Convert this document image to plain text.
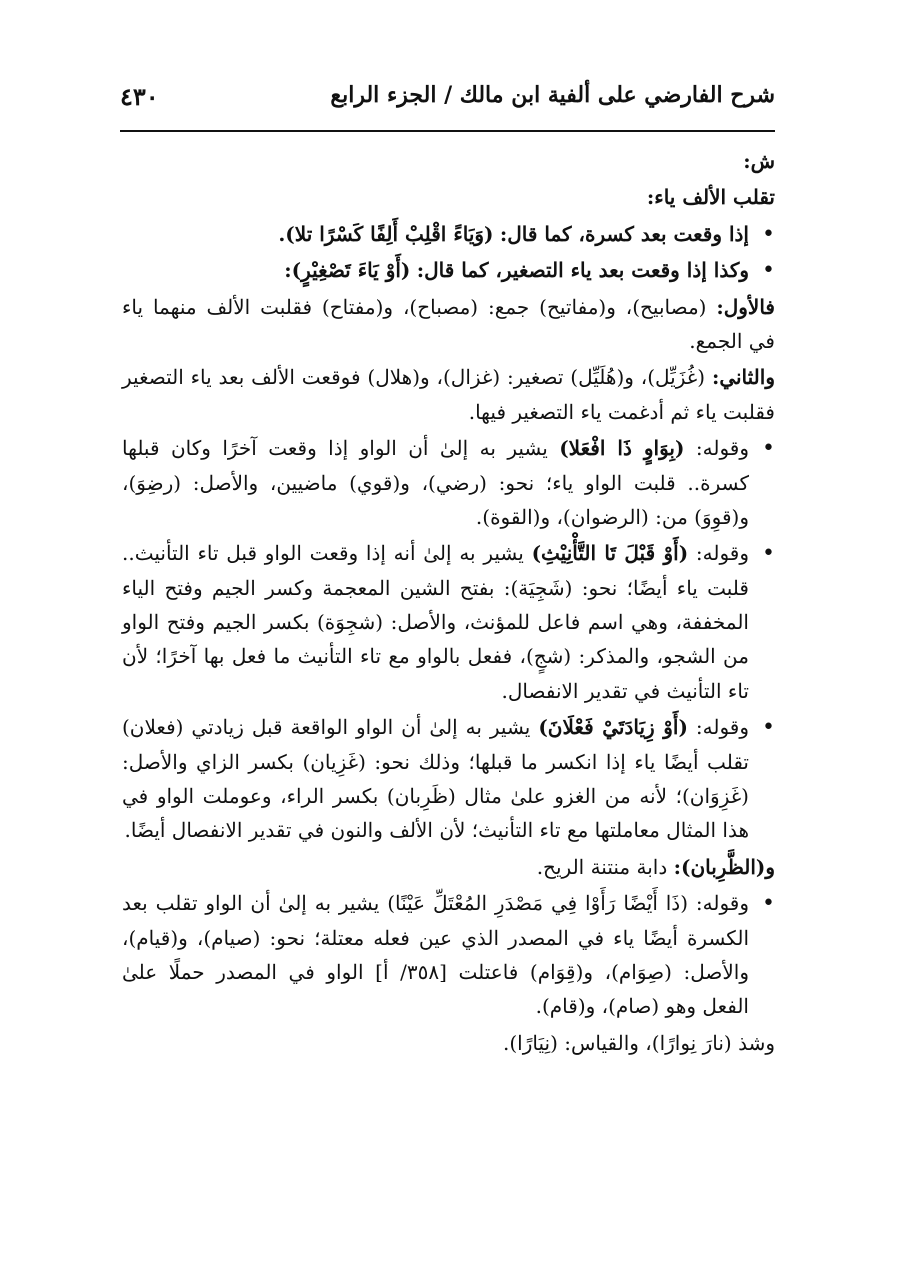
٤٣٠	شرح الفارضي على ألفية ابن مالك / الجزء الرابع

ش:

تقلب الألف ياء:

• إذا وقعت بعد كسرة، كما قال: (وَيَاءً اقْلِبْ أَلِفًا كَسْرًا تلا).
• وكذا إذا وقعت بعد ياء التصغير، كما قال: (أَوْ يَاءَ تَصْغِيْرٍ):

فالأول: (مصابيح)، و(مفاتيح) جمع: (مصباح)، و(مفتاح) فقلبت الألف منهما ياء في الجمع.

والثاني: (غُزَيِّل)، و(هُلَيِّل) تصغير: (غزال)، و(هلال) فوقعت الألف بعد ياء التصغير فقلبت ياء ثم أدغمت ياء التصغير فيها.

• وقوله: (بِوَاوٍ ذَا افْعَلا) يشير به إلىٰ أن الواو إذا وقعت آخرًا وكان قبلها كسرة.. قلبت الواو ياء؛ نحو: (رضي)، و(قوي) ماضيين، والأصل: (رضِوَ)، و(قوِوَ) من: (الرضوان)، و(القوة).
• وقوله: (أَوْ قَبْلَ تَا التَّأْنِيْثِ) يشير به إلىٰ أنه إذا وقعت الواو قبل تاء التأنيث.. قلبت ياء أيضًا؛ نحو: (شَجِيَة): بفتح الشين المعجمة وكسر الجيم وفتح الياء المخففة، وهي اسم فاعل للمؤنث، والأصل: (شجِوَة) بكسر الجيم وفتح الواو من الشجو، والمذكر: (شجٍ)، ففعل بالواو مع تاء التأنيث ما فعل بها آخرًا؛ لأن تاء التأنيث في تقدير الانفصال.
• وقوله: (أَوْ زِيَادَتَيْ فَعْلَانَ) يشير به إلىٰ أن الواو الواقعة قبل زيادتي (فعلان) تقلب أيضًا ياء إذا انكسر ما قبلها؛ وذلك نحو: (غَزِيان) بكسر الزاي والأصل: (غَزِوَان)؛ لأنه من الغزو علىٰ مثال (ظَرِبان) بكسر الراء، وعوملت الواو في هذا المثال معاملتها مع تاء التأنيث؛ لأن الألف والنون في تقدير الانفصال أيضًا.

و(الظَّرِبان): دابة منتنة الريح.

• وقوله: (ذَا أَيْضًا رَأَوْا فِي مَصْدَرِ المُعْتَلِّ عَيْنًا) يشير به إلىٰ أن الواو تقلب بعد الكسرة أيضًا ياء في المصدر الذي عين فعله معتلة؛ نحو: (صيام)، و(قيام)، والأصل: (صِوَام)، و(قِوَام) فاعتلت [٣٥٨/ أ] الواو في المصدر حملًا علىٰ الفعل وهو (صام)، و(قام).

وشذ (نارَ نِوارًا)، والقياس: (نِيَارًا).
